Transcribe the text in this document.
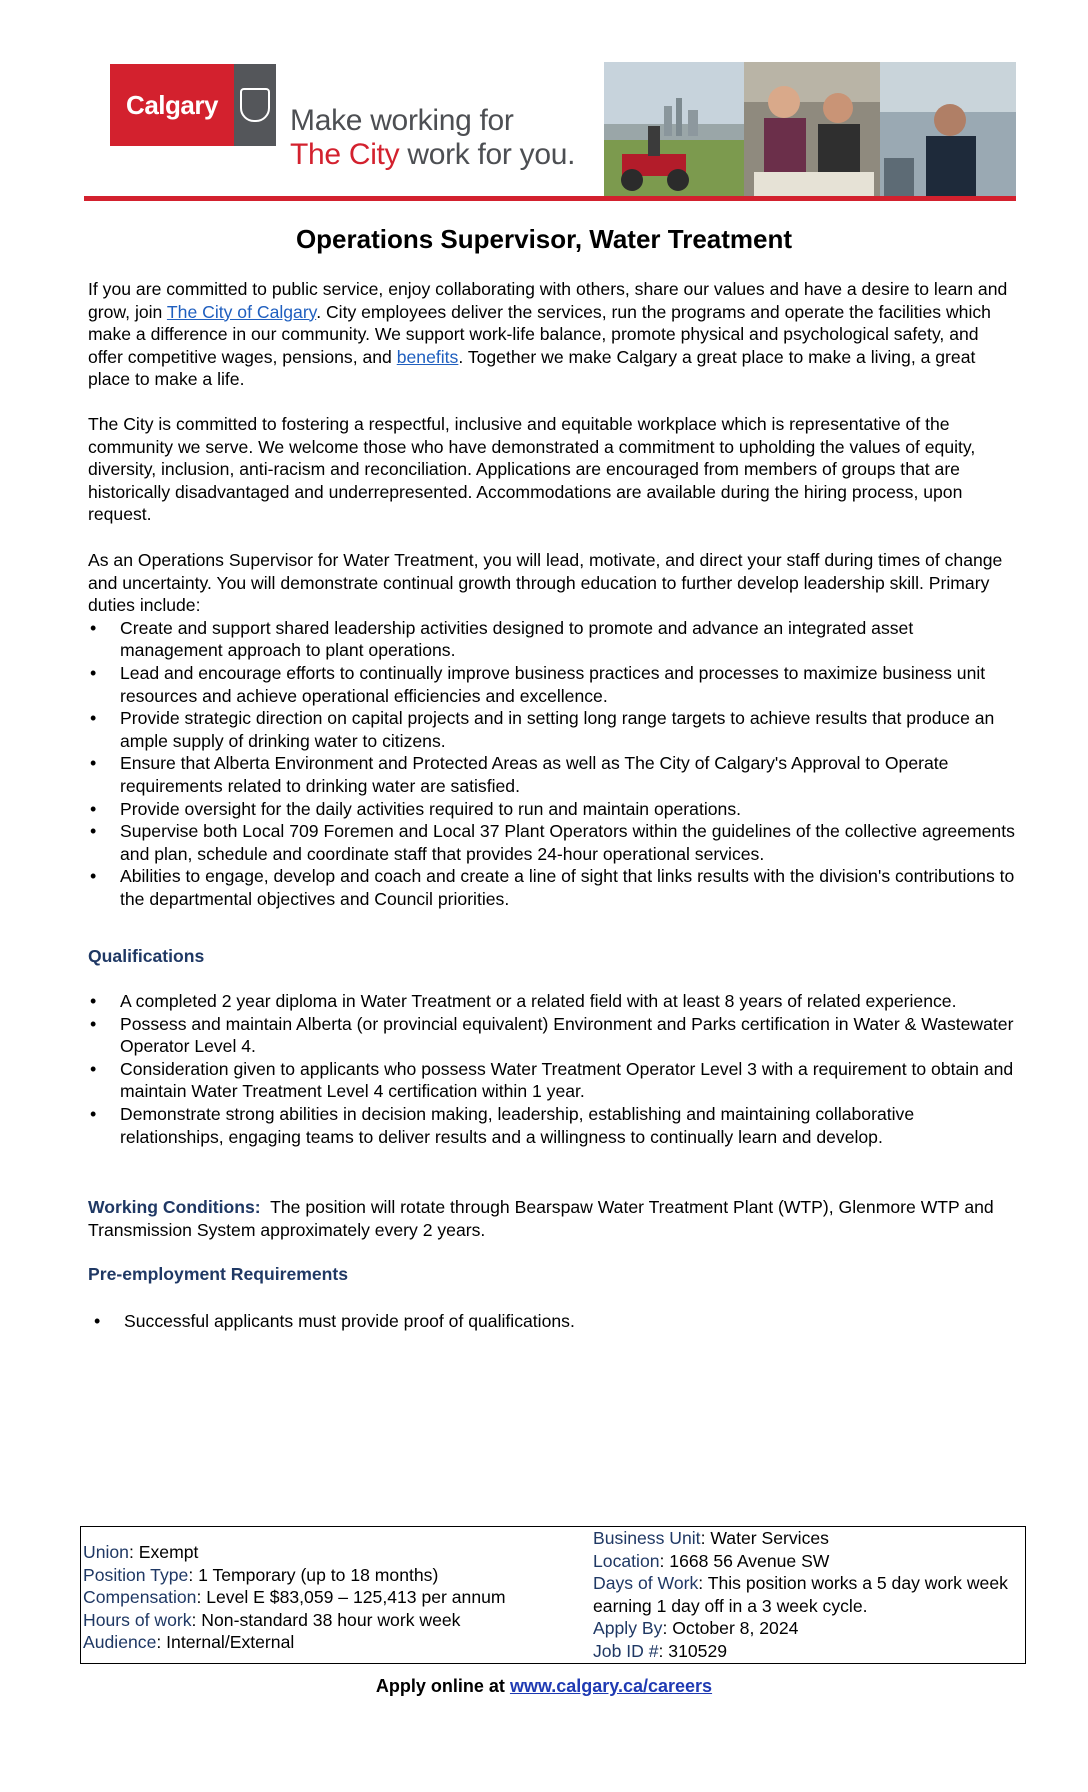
Calgary Make working for
The City work for you.
Operations Supervisor, Water Treatment

If you are committed to public service, enjoy collaborating with others, share our values and have a desire to learn and grow, join The City of Calgary. City employees deliver the services, run the programs and operate the facilities which make a difference in our community. We support work-life balance, promote physical and psychological safety, and offer competitive wages, pensions, and benefits. Together we make Calgary a great place to make a living, a great place to make a life.

The City is committed to fostering a respectful, inclusive and equitable workplace which is representative of the community we serve. We welcome those who have demonstrated a commitment to upholding the values of equity, diversity, inclusion, anti-racism and reconciliation. Applications are encouraged from members of groups that are historically disadvantaged and underrepresented. Accommodations are available during the hiring process, upon request.

As an Operations Supervisor for Water Treatment, you will lead, motivate, and direct your staff during times of change and uncertainty. You will demonstrate continual growth through education to further develop leadership skill. Primary duties include:

• Create and support shared leadership activities designed to promote and advance an integrated asset management approach to plant operations.
• Lead and encourage efforts to continually improve business practices and processes to maximize business unit resources and achieve operational efficiencies and excellence.
• Provide strategic direction on capital projects and in setting long range targets to achieve results that produce an ample supply of drinking water to citizens.
• Ensure that Alberta Environment and Protected Areas as well as The City of Calgary's Approval to Operate requirements related to drinking water are satisfied.
• Provide oversight for the daily activities required to run and maintain operations.
• Supervise both Local 709 Foremen and Local 37 Plant Operators within the guidelines of the collective agreements and plan, schedule and coordinate staff that provides 24-hour operational services.
• Abilities to engage, develop and coach and create a line of sight that links results with the division's contributions to the departmental objectives and Council priorities.
Qualifications
• A completed 2 year diploma in Water Treatment or a related field with at least 8 years of related experience.
• Possess and maintain Alberta (or provincial equivalent) Environment and Parks certification in Water & Wastewater Operator Level 4.
• Consideration given to applicants who possess Water Treatment Operator Level 3 with a requirement to obtain and maintain Water Treatment Level 4 certification within 1 year.
• Demonstrate strong abilities in decision making, leadership, establishing and maintaining collaborative relationships, engaging teams to deliver results and a willingness to continually learn and develop.

Working Conditions:  The position will rotate through Bearspaw Water Treatment Plant (WTP), Glenmore WTP and Transmission System approximately every 2 years.

Pre-employment Requirements
• Successful applicants must provide proof of qualifications.
Union: Exempt
Position Type: 1 Temporary (up to 18 months)
Compensation: Level E $83,059 – 125,413 per annum
Hours of work: Non-standard 38 hour work week
Audience: Internal/External
Business Unit: Water Services
Location: 1668 56 Avenue SW
Days of Work: This position works a 5 day work week earning 1 day off in a 3 week cycle.
Apply By: October 8, 2024
Job ID #: 310529
Apply online at www.calgary.ca/careers
